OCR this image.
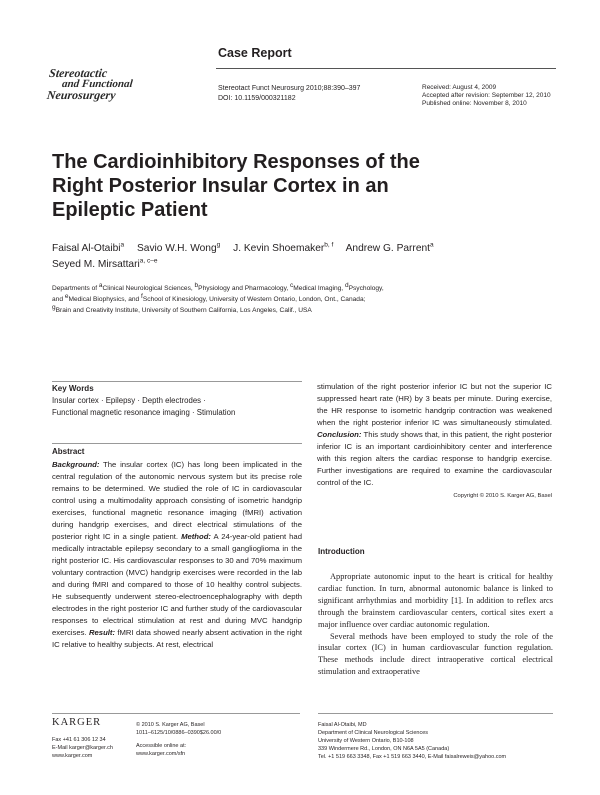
Stereotactic
and Functional
Neurosurgery
Case Report
Stereotact Funct Neurosurg 2010;88:390–397
DOI: 10.1159/000321182
Received: August 4, 2009
Accepted after revision: September 12, 2010
Published online: November 8, 2010
The Cardioinhibitory Responses of the Right Posterior Insular Cortex in an Epileptic Patient
Faisal Al-Otaibi$^a$ Savio W.H. Wong$^g$ J. Kevin Shoemaker$^{b, f}$ Andrew G. Parrent$^a$
Seyed M. Mirsattari$^{a, c-e}$
Departments of aClinical Neurological Sciences, bPhysiology and Pharmacology, cMedical Imaging, dPsychology,
and eMedical Biophysics, and fSchool of Kinesiology, University of Western Ontario, London, Ont., Canada;
gBrain and Creativity Institute, University of Southern California, Los Angeles, Calif., USA
Key Words
Insular cortex · Epilepsy · Depth electrodes ·
Functional magnetic resonance imaging · Stimulation
Abstract
Background: The insular cortex (IC) has long been implicated in the central regulation of the autonomic nervous system but its precise role remains to be determined. We studied the role of IC in cardiovascular control using a multimodality approach consisting of isometric handgrip exercises, functional magnetic resonance imaging (fMRI) activation during handgrip exercises, and direct electrical stimulations of the posterior right IC in a single patient. Method: A 24-year-old patient had medically intractable epilepsy secondary to a small ganglioglioma in the right posterior IC. His cardiovascular responses to 30 and 70% maximum voluntary contraction (MVC) handgrip exercises were recorded in the lab and during fMRI and compared to those of 10 healthy control subjects. He subsequently underwent stereo-electroencephalography with depth electrodes in the right posterior IC and further study of the cardiovascular responses to electrical stimulation at rest and during MVC handgrip exercises. Result: fMRI data showed nearly absent activation in the right IC relative to healthy subjects. At rest, electrical
stimulation of the right posterior inferior IC but not the superior IC suppressed heart rate (HR) by 3 beats per minute. During exercise, the HR response to isometric handgrip contraction was weakened when the right posterior inferior IC was simultaneously stimulated. Conclusion: This study shows that, in this patient, the right posterior inferior IC is an important cardioinhibitory center and interference with this region alters the cardiac response to handgrip exercise. Further investigations are required to examine the cardiovascular control of the IC.
Copyright © 2010 S. Karger AG, Basel
Introduction

Appropriate autonomic input to the heart is critical for healthy cardiac function. In turn, abnormal autonomic balance is linked to significant arrhythmias and morbidity [1]. In addition to reflex arcs through the brainstem cardiovascular centers, cortical sites exert a major influence over cardiac autonomic regulation.

Several methods have been employed to study the role of the insular cortex (IC) in human cardiovascular function regulation. These methods include direct intraoperative cortical electrical stimulation and extraoperative

KARGER
Fax +41 61 306 12 34
E-Mail karger@karger.ch
www.karger.com
© 2010 S. Karger AG, Basel
1011–6125/10/0886–0390$26.00/0
Accessible online at:
www.karger.com/sfn
Faisal Al-Otaibi, MD
Department of Clinical Neurological Sciences
University of Western Ontario, B10-108
339 Windermere Rd., London, ON N6A 5A5 (Canada)
Tel. +1 519 663 3348, Fax +1 519 663 3440, E-Mail faisalreweis@yahoo.com
